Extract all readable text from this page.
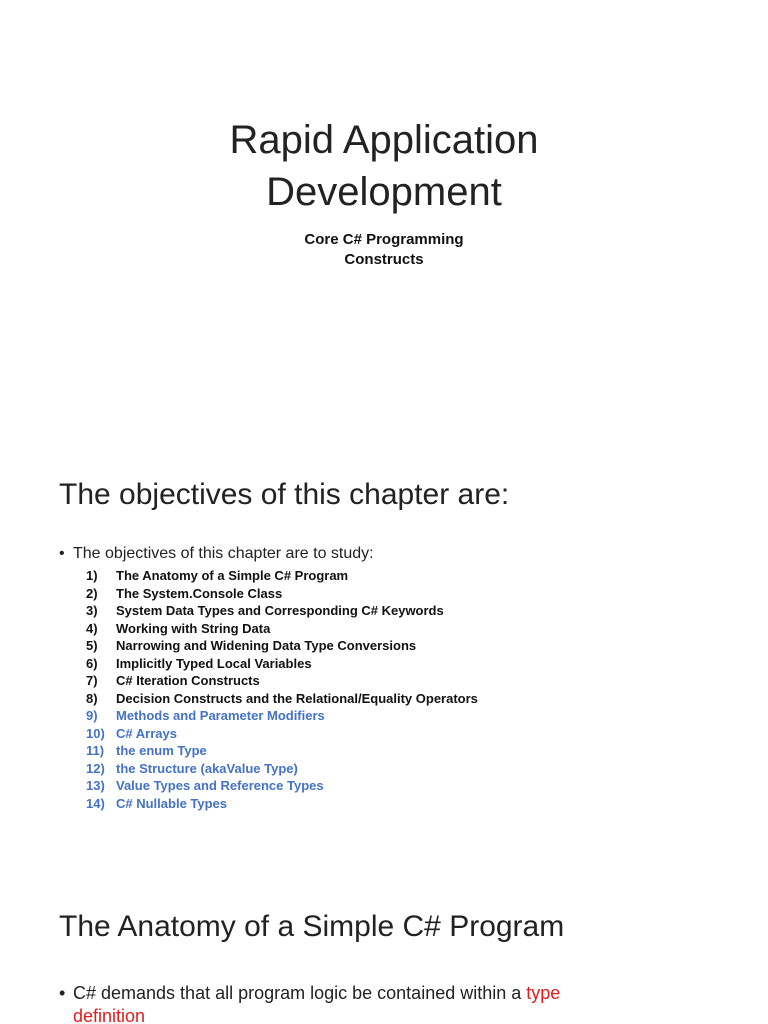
Rapid Application
Development
Core C# Programming
Constructs
The objectives of this chapter are:
• The objectives of this chapter are to study:
1) The Anatomy of a Simple C# Program
2) The System.Console Class
3) System Data Types and Corresponding C# Keywords
4) Working with String Data
5) Narrowing and Widening Data Type Conversions
6) Implicitly Typed Local Variables
7) C# Iteration Constructs
8) Decision Constructs and the Relational/Equality Operators
9) Methods and Parameter Modifiers
10) C# Arrays
11) the enum Type
12) the Structure (akaValue Type)
13) Value Types and Reference Types
14) C# Nullable Types
The Anatomy of a Simple C# Program
• C# demands that all program logic be contained within a type
definition
